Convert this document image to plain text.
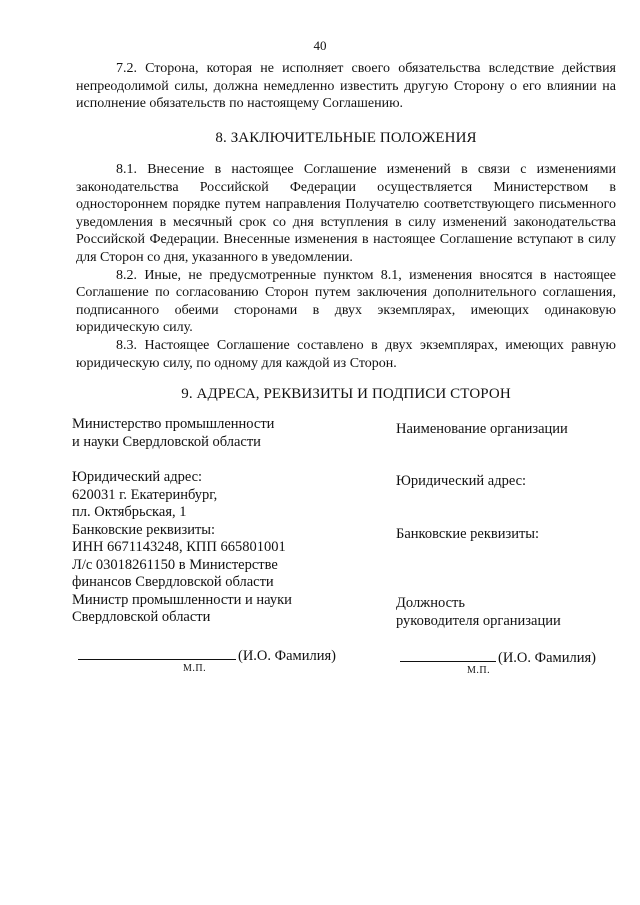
40

7.2. Сторона, которая не исполняет своего обязательства вследствие действия непреодолимой силы, должна немедленно известить другую Сторону о его влиянии на исполнение обязательств по настоящему Соглашению.

8. ЗАКЛЮЧИТЕЛЬНЫЕ ПОЛОЖЕНИЯ

8.1. Внесение в настоящее Соглашение изменений в связи с изменениями законодательства Российской Федерации осуществляется Министерством в одностороннем порядке путем направления Получателю соответствующего письменного уведомления в месячный срок со дня вступления в силу изменений законодательства Российской Федерации. Внесенные изменения в настоящее Соглашение вступают в силу для Сторон со дня, указанного в уведомлении.

8.2. Иные, не предусмотренные пунктом 8.1, изменения вносятся в настоящее Соглашение по согласованию Сторон путем заключения дополнительного соглашения, подписанного обеими сторонами в двух экземплярах, имеющих одинаковую юридическую силу.

8.3. Настоящее Соглашение составлено в двух экземплярах, имеющих равную юридическую силу, по одному для каждой из Сторон.

9. АДРЕСА, РЕКВИЗИТЫ И ПОДПИСИ СТОРОН
Министерство промышленности
и науки Свердловской области
Юридический адрес:
620031 г. Екатеринбург,
пл. Октябрьская, 1
Банковские реквизиты:
ИНН 6671143248, КПП 665801001
Л/с 03018261150 в Министерстве
финансов Свердловской области
Министр промышленности и науки
Свердловской области
(И.О. Фамилия)
М.П.
Наименование организации
Юридический адрес:
Банковские реквизиты:
Должность
руководителя организации
(И.О. Фамилия)
М.П.
